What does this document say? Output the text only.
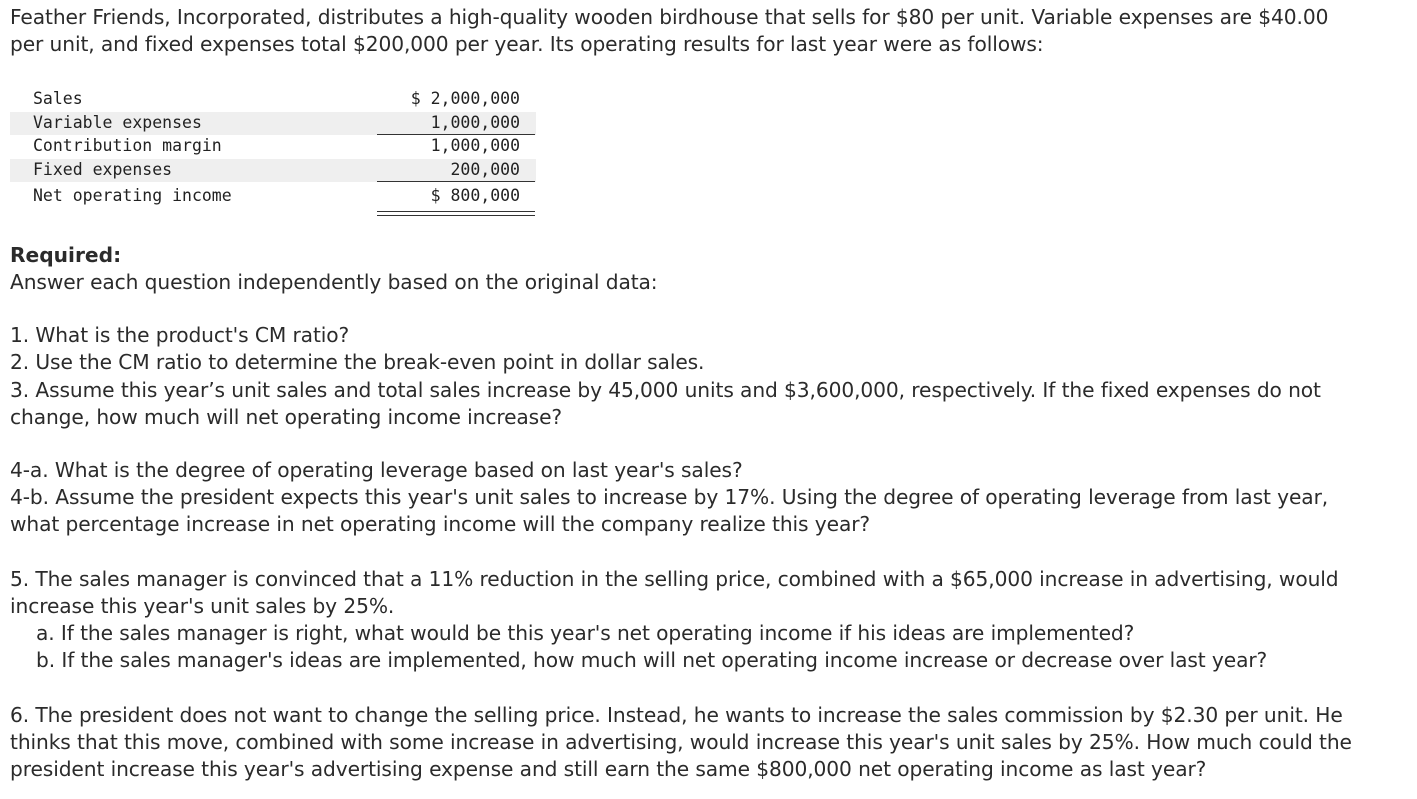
Feather Friends, Incorporated, distributes a high-quality wooden birdhouse that sells for $80 per unit. Variable expenses are $40.00
per unit, and fixed expenses total $200,000 per year. Its operating results for last year were as follows:
Sales	$ 2,000,000
Variable expenses	1,000,000
Contribution margin	1,000,000
Fixed expenses	200,000
Net operating income	$ 800,000
Required:
Answer each question independently based on the original data:
1. What is the product's CM ratio?
2. Use the CM ratio to determine the break-even point in dollar sales.
3. Assume this year’s unit sales and total sales increase by 45,000 units and $3,600,000, respectively. If the fixed expenses do not
change, how much will net operating income increase?
4-a. What is the degree of operating leverage based on last year's sales?
4-b. Assume the president expects this year's unit sales to increase by 17%. Using the degree of operating leverage from last year,
what percentage increase in net operating income will the company realize this year?
5. The sales manager is convinced that a 11% reduction in the selling price, combined with a $65,000 increase in advertising, would
increase this year's unit sales by 25%.
a. If the sales manager is right, what would be this year's net operating income if his ideas are implemented?
b. If the sales manager's ideas are implemented, how much will net operating income increase or decrease over last year?
6. The president does not want to change the selling price. Instead, he wants to increase the sales commission by $2.30 per unit. He
thinks that this move, combined with some increase in advertising, would increase this year's unit sales by 25%. How much could the
president increase this year's advertising expense and still earn the same $800,000 net operating income as last year?
